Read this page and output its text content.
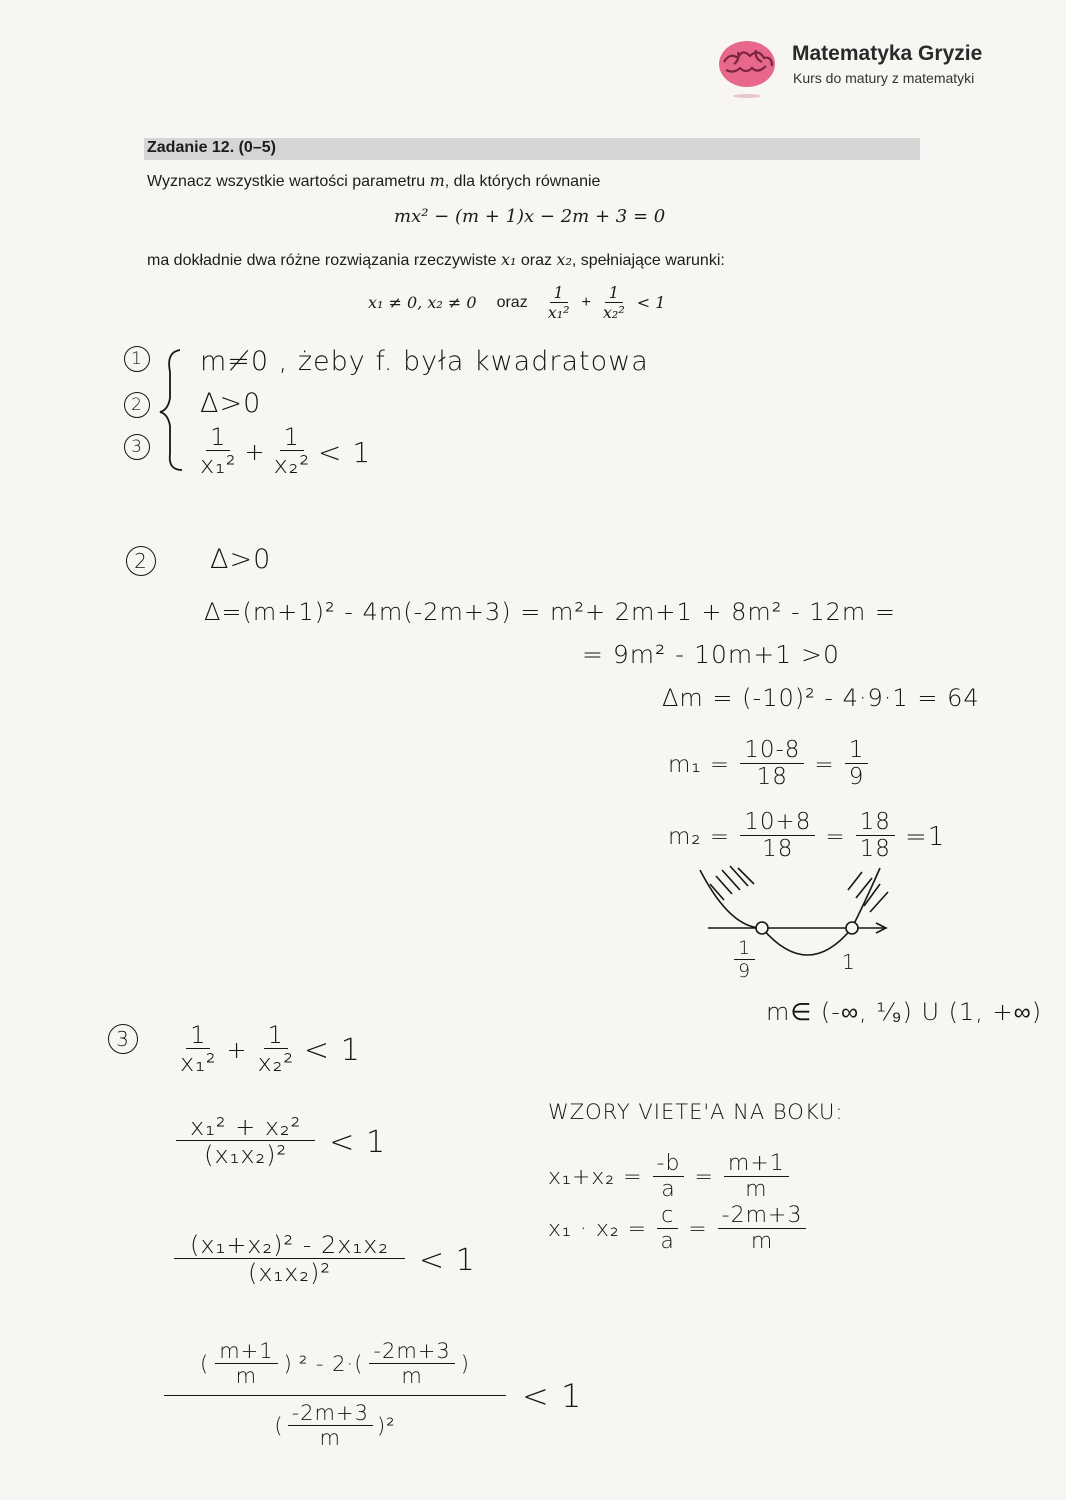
Matematyka Gryzie
Kurs do matury z matematyki
Zadanie 12. (0–5)
Wyznacz wszystkie wartości parametru m, dla których równanie
mx² − (m + 1)x − 2m + 3 = 0
ma dokładnie dwa różne rozwiązania rzeczywiste x₁ oraz x₂, spełniające warunki:
x₁ ≠ 0, x₂ ≠ 0 oraz $\frac{1}{\text{x₁²}} + \frac{1}{\text{x₂²}} < 1$
1
2
3
m≠0 , żeby f. była kwadratowa
Δ>0
$\frac{1}{\text{x₁²}} + \frac{1}{\text{x₂²}} < 1$
2	Δ>0
Δ=(m+1)² - 4m(-2m+3) = m²+ 2m+1 + 8m² - 12m =
= 9m² - 10m+1 >0
Δm = (-10)² - 4·9·1 = 64
$m_1 = \frac{10-8}{18} = \frac{1}{9}$
$m_2 = \frac{10+8}{18} = \frac{18}{18} =1$
$\frac{1}{9}$	1
m∈ (-∞, ¹⁄₉) U (1, +∞)
3	$\frac{1}{\text{x₁²}} + \frac{1}{\text{x₂²}} < 1$
$\frac{\text{x₁² + x₂²}}{\text{(x₁x₂)²}} < 1$
$\frac{\text{(x₁+x₂)² - 2x₁x₂}}{\text{(x₁x₂)²}} < 1$
$\frac{( \frac{m+1}{m} ) ^2 - 2\cdot( \frac{-2m+3}{m} )}{( \frac{-2m+3}{m} )^2} < 1$
WZORY VIETE'A NA BOKU:
$x_1+x_2 = \frac{-b}{a} = \frac{m+1}{m}$
$x_1 \cdot x_2 = \frac{c}{a} = \frac{-2m+3}{m}$
